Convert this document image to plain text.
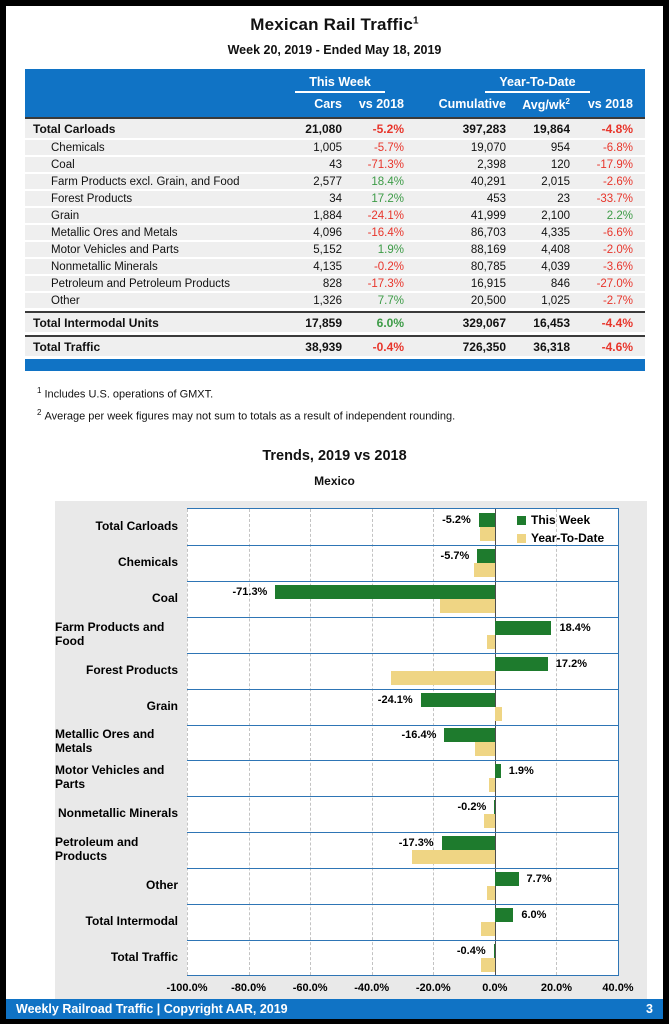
Mexican Rail Traffic$^1$
Week 20, 2019 - Ended May 18, 2019
This Week	Year-To-Date
Cars	vs 2018	Cumulative	Avg/$wk^2$	vs 2018
Total Carloads	21,080	-5.2%	397,283	19,864	-4.8%
Chemicals	1,005	-5.7%	19,070	954	-6.8%
Coal	43	-71.3%	2,398	120	-17.9%
Farm Products excl. Grain, and Food	2,577	18.4%	40,291	2,015	-2.6%
Forest Products	34	17.2%	453	23	-33.7%
Grain	1,884	-24.1%	41,999	2,100	2.2%
Metallic Ores and Metals	4,096	-16.4%	86,703	4,335	-6.6%
Motor Vehicles and Parts	5,152	1.9%	88,169	4,408	-2.0%
Nonmetallic Minerals	4,135	-0.2%	80,785	4,039	-3.6%
Petroleum and Petroleum Products	828	-17.3%	16,915	846	-27.0%
Other	1,326	7.7%	20,500	1,025	-2.7%
Total Intermodal Units	17,859	6.0%	329,067	16,453	-4.4%
Total Traffic	38,939	-0.4%	726,350	36,318	-4.6%
$^1$ Includes U.S. operations of GMXT.
$^2$ Average per week figures may not sum to totals as a result of independent rounding.
Trends, 2019 vs 2018
Mexico
Total Carloads
Chemicals
Coal
Farm Products and Food
Forest Products
Grain
Metallic Ores and Metals
Motor Vehicles and Parts
Nonmetallic Minerals
Petroleum and Products
Other
Total Intermodal
Total Traffic
-5.2%
-5.7%
-71.3%
18.4%
17.2%
-24.1%
-16.4%
1.9%
-0.2%
-17.3%
7.7%
6.0%
-0.4%
This Week
Year-To-Date
-100.0% -80.0% -60.0% -40.0% -20.0%	0.0%	20.0%	40.0%
Weekly Railroad Traffic | Copyright AAR, 2019	3
